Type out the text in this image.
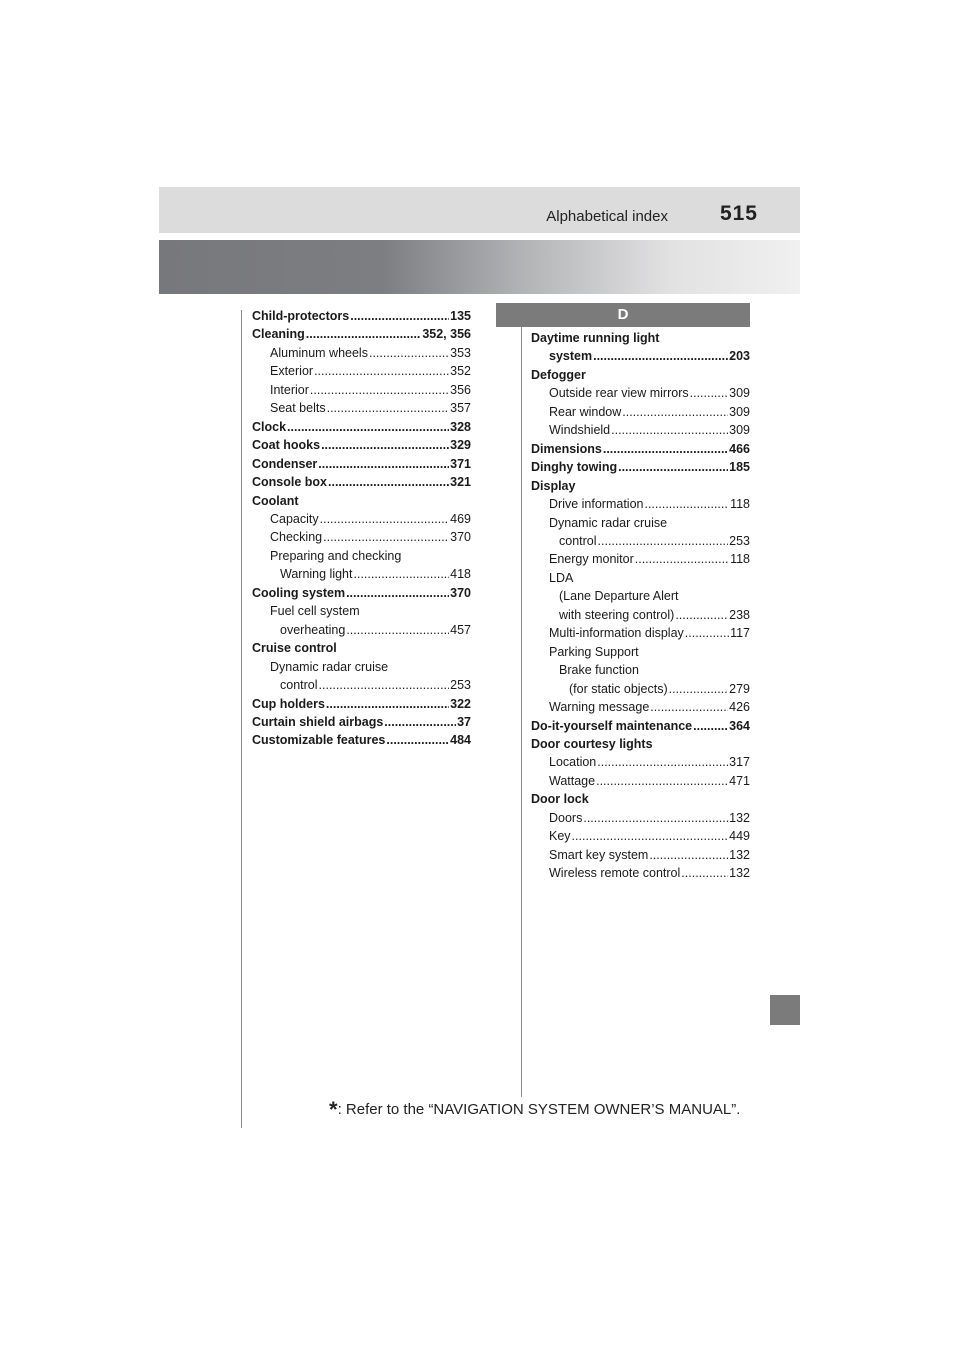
Alphabetical index 515
Child-protectors .....	135
Cleaning .....	352, 356
Aluminum wheels .....	353
Exterior .....	352
Interior .....	356
Seat belts .....	357
Clock .....	328
Coat hooks .....	329
Condenser .....	371
Console box .....	321
Coolant
Capacity .....	469
Checking .....	370
Preparing and checking
Warning light .....	418
Cooling system .....	370
Fuel cell system
overheating .....	457
Cruise control
Dynamic radar cruise
control .....	253
Cup holders .....	322
Curtain shield airbags .....	37
Customizable features .....	484
D
Daytime running light
system .....	203
Defogger
Outside rear view mirrors .....	309
Rear window .....	309
Windshield .....	309
Dimensions .....	466
Dinghy towing .....	185
Display
Drive information .....	118
Dynamic radar cruise
control .....	253
Energy monitor .....	118
LDA
(Lane Departure Alert
with steering control) .....	238
Multi-information display .....	117
Parking Support
Brake function
(for static objects) .....	279
Warning message .....	426
Do-it-yourself maintenance .....	364
Door courtesy lights
Location .....	317
Wattage .....	471
Door lock
Doors .....	132
Key .....	449
Smart key system .....	132
Wireless remote control .....	132
*: Refer to the “NAVIGATION SYSTEM OWNER’S MANUAL”.
